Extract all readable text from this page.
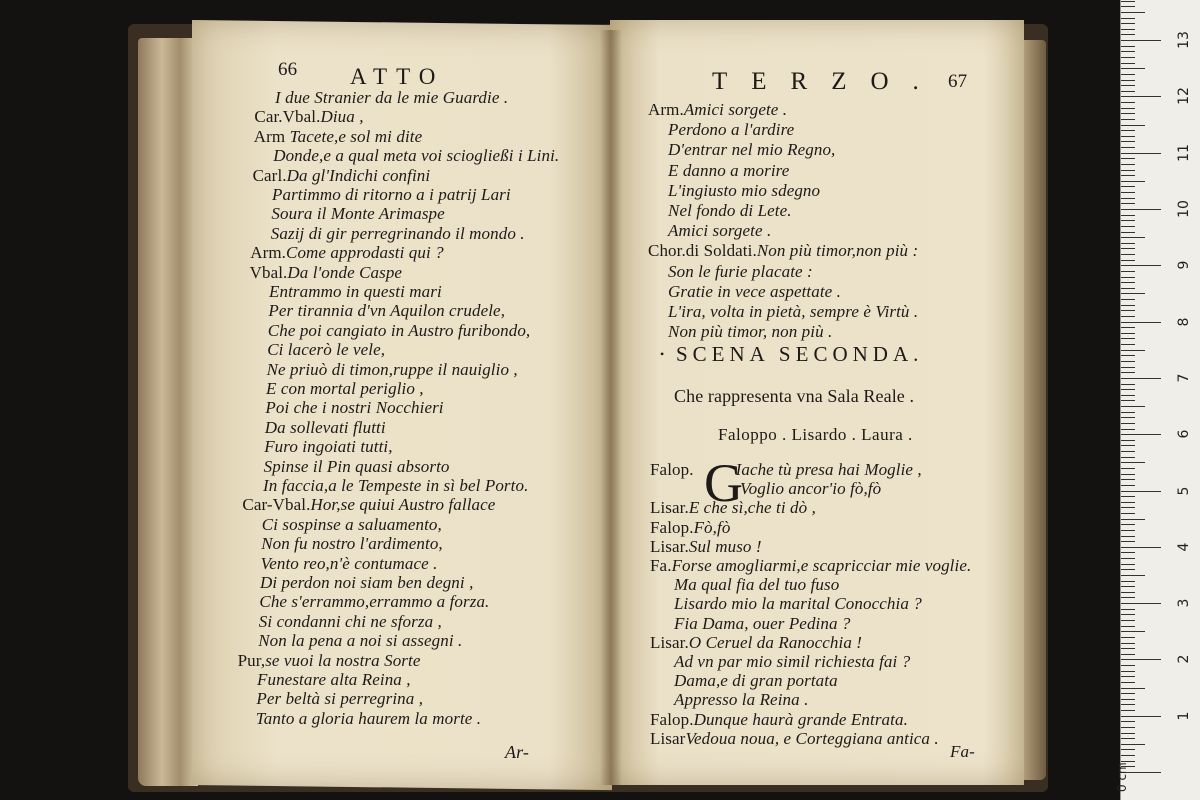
66 ATTO
I due Stranier da le mie Guardie .
Car.Vbal.Diua ,
Arm Tacete,e sol mi dite
Donde,e a qual meta voi sciogließi i Lini.
Carl.Da gl'Indichi confini
Partimmo di ritorno a i patrij Lari
Soura il Monte Arimaspe
Sazij di gir perregrinando il mondo .
Arm.Come approdasti qui ?
Vbal.Da l'onde Caspe
Entrammo in questi mari
Per tirannia d'vn Aquilon crudele,
Che poi cangiato in Austro furibondo,
Ci lacerò le vele,
Ne priuò di timon,ruppe il nauiglio ,
E con mortal periglio ,
Poi che i nostri Nocchieri
Da sollevati flutti
Furo ingoiati tutti,
Spinse il Pin quasi absorto
In faccia,a le Tempeste in sì bel Porto.
Car-Vbal.Hor,se quiui Austro fallace
Ci sospinse a saluamento,
Non fu nostro l'ardimento,
Vento reo,n'è contumace .
Di perdon noi siam ben degni ,
Che s'errammo,errammo a forza.
Si condanni chi ne sforza ,
Non la pena a noi si assegni .
Pur,se vuoi la nostra Sorte
Funestare alta Reina ,
Per beltà si perregrina ,
Tanto a gloria haurem la morte .
Ar-
TERZO. 67
Arm.Amici sorgete .
Perdono a l'ardire
D'entrar nel mio Regno,
E danno a morire
L'ingiusto mio sdegno
Nel fondo di Lete.
Amici sorgete .
Chor.di Soldati.Non più timor,non più :
Son le furie placate :
Gratie in vece aspettate .
L'ira, volta in pietà, sempre è Virtù .
Non più timor, non più .
SCENA SECONDA.
•
Che rappresenta vna Sala Reale .
Faloppo . Lisardo . Laura .
G
Falop. Iache tù presa hai Moglie ,
Voglio ancor'io fò,fò
Lisar.E che sì,che ti dò ,
Falop.Fò,fò
Lisar.Sul muso !
Fa.Forse amogliarmi,e scapricciar mie voglie.
Ma qual fia del tuo fuso
Lisardo mio la marital Conocchia ?
Fia Dama, ouer Pedina ?
Lisar.O Ceruel da Ranocchia !
Ad vn par mio simil richiesta fai ?
Dama,e di gran portata
Appresso la Reina .
Falop.Dunque haurà grande Entrata.
LisarVedoua noua, e Corteggiana antica .
Fa-
1
2
3
4
5
6
7
8
9
10
11
12
13
0 cm
